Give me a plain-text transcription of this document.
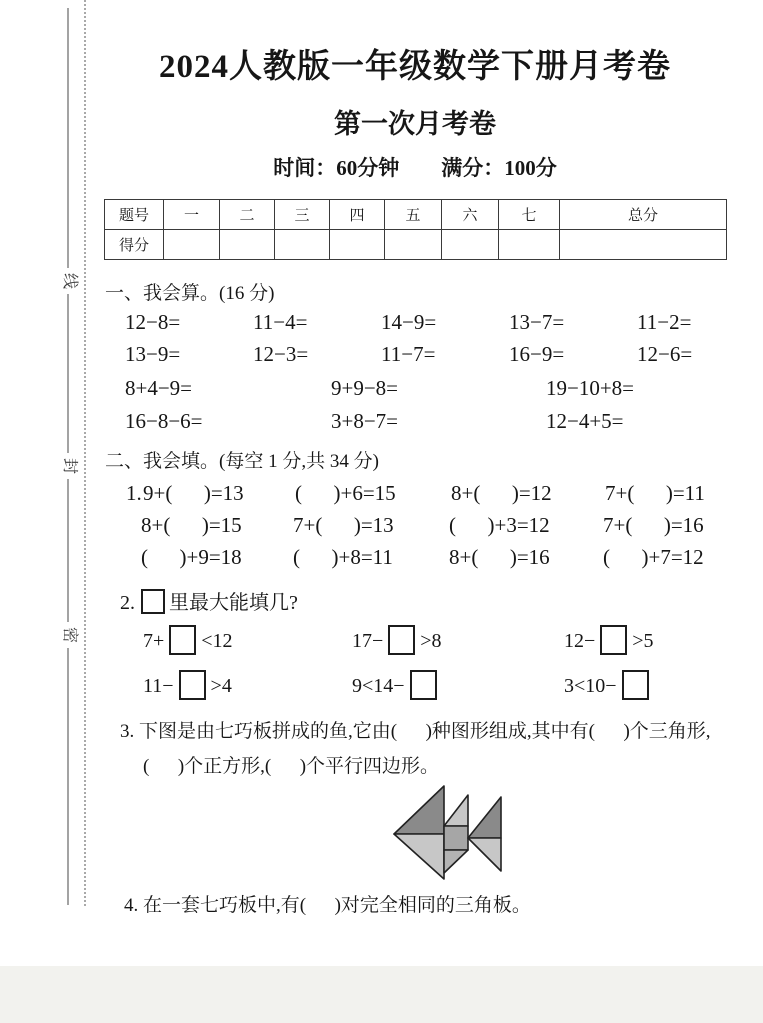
线
封
密
2024人教版一年级数学下册月考卷
第一次月考卷
时间：60分钟 满分：100分
题号	一	二	三	四	五	六	七	总分
得分								
一、我会算。(16 分)
12−8=	11−4=	14−9=	13−7=	11−2=
13−9=	12−3=	11−7=	16−9=	12−6=
8+4−9=	9+9−8=	19−10+8=
16−8−6=	3+8−7=	12−4+5=
二、我会填。(每空 1 分,共 34 分)
1. 9+(      )=13	(      )+6=15	8+(      )=12	7+(      )=11
8+(      )=15	7+(      )=13	(      )+3=12	7+(      )=16
(      )+9=18	(      )+8=11	8+(      )=16	(      )+7=12
2. 里最大能填几?
7+ <12	17− >8	12− >5
11− >4	9<14−	3<10−
3. 下图是由七巧板拼成的鱼,它由(      )种图形组成,其中有(      )个三角形,
(      )个正方形,(      )个平行四边形。
4. 在一套七巧板中,有(      )对完全相同的三角板。
